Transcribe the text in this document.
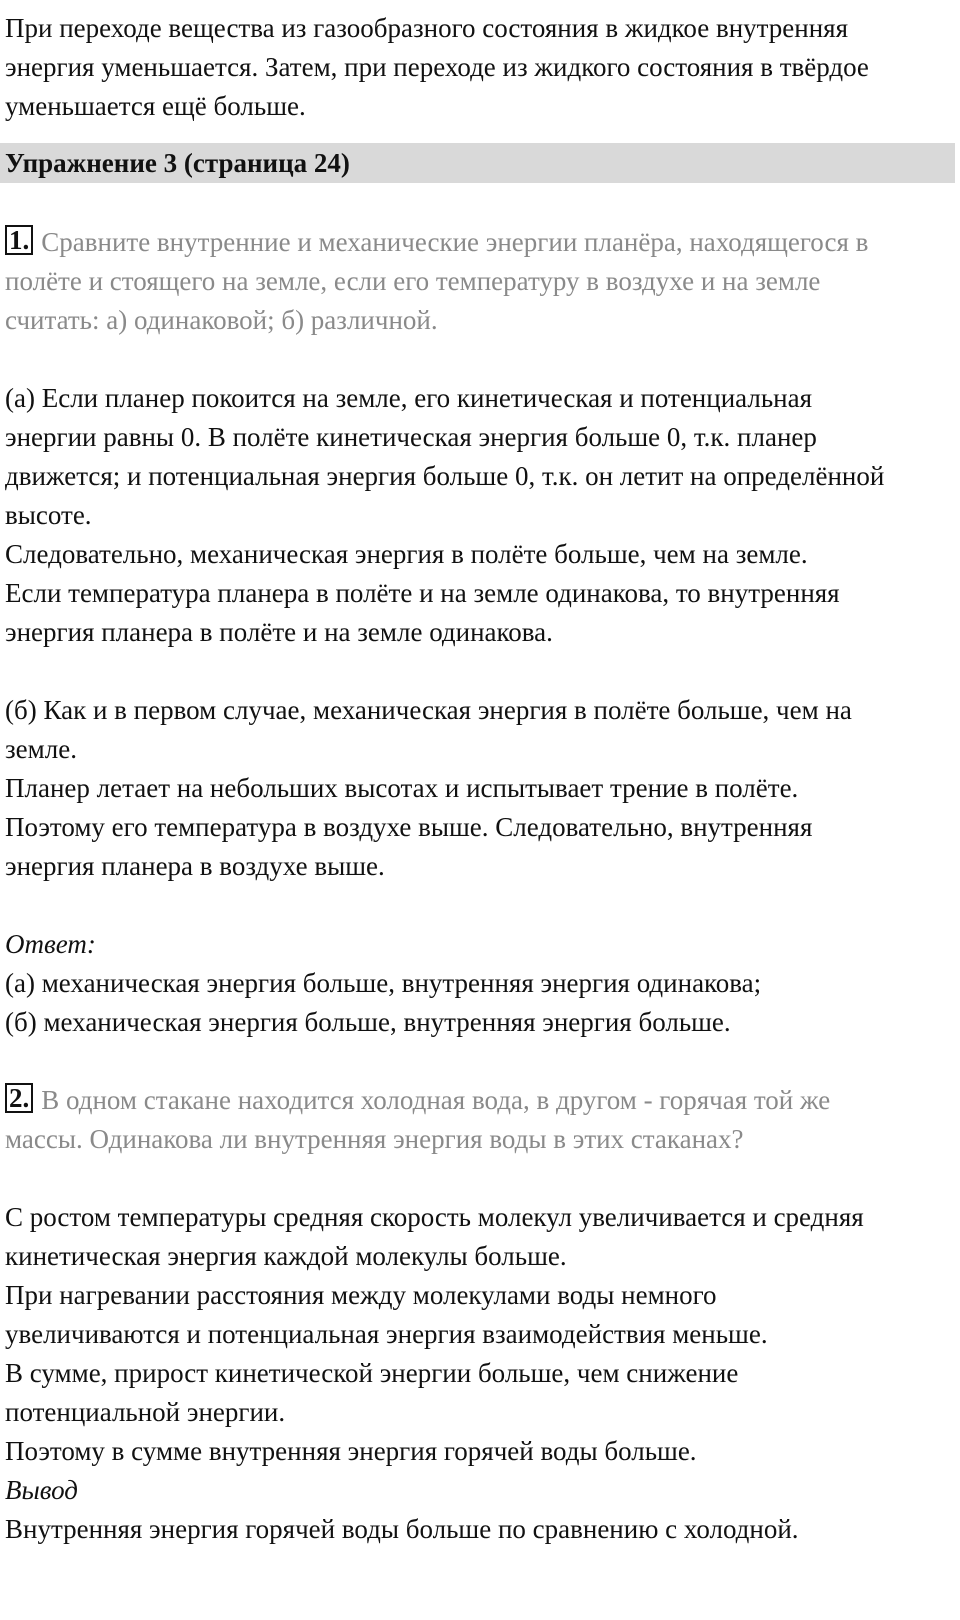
При переходе вещества из газообразного состояния в жидкое внутренняя
энергия уменьшается. Затем, при переходе из жидкого состояния в твёрдое
уменьшается ещё больше.
Упражнение 3 (страница 24)
1. Сравните внутренние и механические энергии планёра, находящегося в
полёте и стоящего на земле, если его температуру в воздухе и на земле
считать: а) одинаковой; б) различной.
(а) Если планер покоится на земле, его кинетическая и потенциальная
энергии равны 0. В полёте кинетическая энергия больше 0, т.к. планер
движется; и потенциальная энергия больше 0, т.к. он летит на определённой
высоте.
Следовательно, механическая энергия в полёте больше, чем на земле.
Если температура планера в полёте и на земле одинакова, то внутренняя
энергия планера в полёте и на земле одинакова.
(б) Как и в первом случае, механическая энергия в полёте больше, чем на
земле.
Планер летает на небольших высотах и испытывает трение в полёте.
Поэтому его температура в воздухе выше. Следовательно, внутренняя
энергия планера в воздухе выше.
Ответ:
(а) механическая энергия больше, внутренняя энергия одинакова;
(б) механическая энергия больше, внутренняя энергия больше.
2. В одном стакане находится холодная вода, в другом - горячая той же
массы. Одинакова ли внутренняя энергия воды в этих стаканах?
С ростом температуры средняя скорость молекул увеличивается и средняя
кинетическая энергия каждой молекулы больше.
При нагревании расстояния между молекулами воды немного
увеличиваются и потенциальная энергия взаимодействия меньше.
В сумме, прирост кинетической энергии больше, чем снижение
потенциальной энергии.
Поэтому в сумме внутренняя энергия горячей воды больше.
Вывод
Внутренняя энергия горячей воды больше по сравнению с холодной.
